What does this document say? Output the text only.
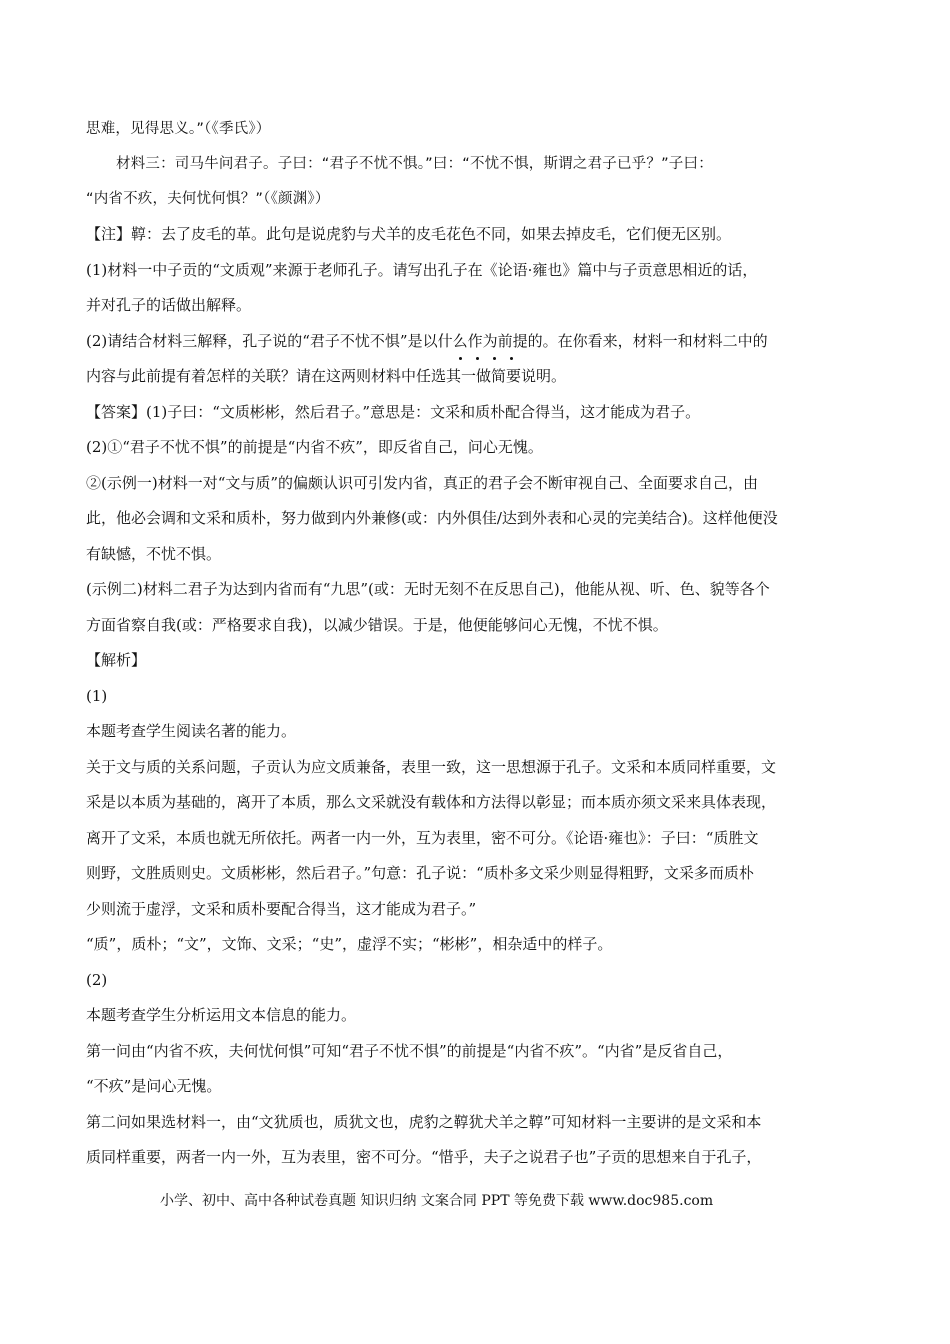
思难，见得思义。”（《季氏》）
材料三：司马牛问君子。子曰：“君子不忧不惧。”曰：“不忧不惧，斯谓之君子已乎？”子曰：
“内省不疚，夫何忧何惧？”（《颜渊》）
【注】鞟：去了皮毛的革。此句是说虎豹与犬羊的皮毛花色不同，如果去掉皮毛，它们便无区别。
(1)材料一中子贡的“文质观”来源于老师孔子。请写出孔子在《论语·雍也》篇中与子贡意思相近的话，
并对孔子的话做出解释。
(2)请结合材料三解释，孔子说的“君子不忧不惧”是以什么作为前提的。在你看来，材料一和材料二中的
内容与此前提有着怎样的关联？请在这两则材料中任选其一做简要说明。
【答案】(1)子曰：“文质彬彬，然后君子。”意思是：文采和质朴配合得当，这才能成为君子。
(2)①“君子不忧不惧”的前提是“内省不疚”，即反省自己，问心无愧。
②(示例一)材料一对“文与质”的偏颇认识可引发内省，真正的君子会不断审视自己、全面要求自己，由
此，他必会调和文采和质朴，努力做到内外兼修(或：内外俱佳/达到外表和心灵的完美结合)。这样他便没
有缺憾，不忧不惧。
(示例二)材料二君子为达到内省而有“九思”(或：无时无刻不在反思自己)，他能从视、听、色、貌等各个
方面省察自我(或：严格要求自我)，以减少错误。于是，他便能够问心无愧，不忧不惧。
【解析】
(1)
本题考查学生阅读名著的能力。
关于文与质的关系问题，子贡认为应文质兼备，表里一致，这一思想源于孔子。文采和本质同样重要，文
采是以本质为基础的，离开了本质，那么文采就没有载体和方法得以彰显；而本质亦须文采来具体表现，
离开了文采，本质也就无所依托。两者一内一外，互为表里，密不可分。《论语·雍也》：子曰：“质胜文
则野，文胜质则史。文质彬彬，然后君子。”句意：孔子说：“质朴多文采少则显得粗野，文采多而质朴
少则流于虚浮，文采和质朴要配合得当，这才能成为君子。”
“质”，质朴；“文”，文饰、文采；“史”，虚浮不实；“彬彬”，相杂适中的样子。
(2)
本题考查学生分析运用文本信息的能力。
第一问由“内省不疚，夫何忧何惧”可知“君子不忧不惧”的前提是“内省不疚”。“内省”是反省自己，
“不疚”是问心无愧。
第二问如果选材料一，由“文犹质也，质犹文也，虎豹之鞟犹犬羊之鞟”可知材料一主要讲的是文采和本
质同样重要，两者一内一外，互为表里，密不可分。“惜乎，夫子之说君子也”子贡的思想来自于孔子，
小学、初中、高中各种试卷真题 知识归纳 文案合同 PPT 等免费下载 www.doc985.com
